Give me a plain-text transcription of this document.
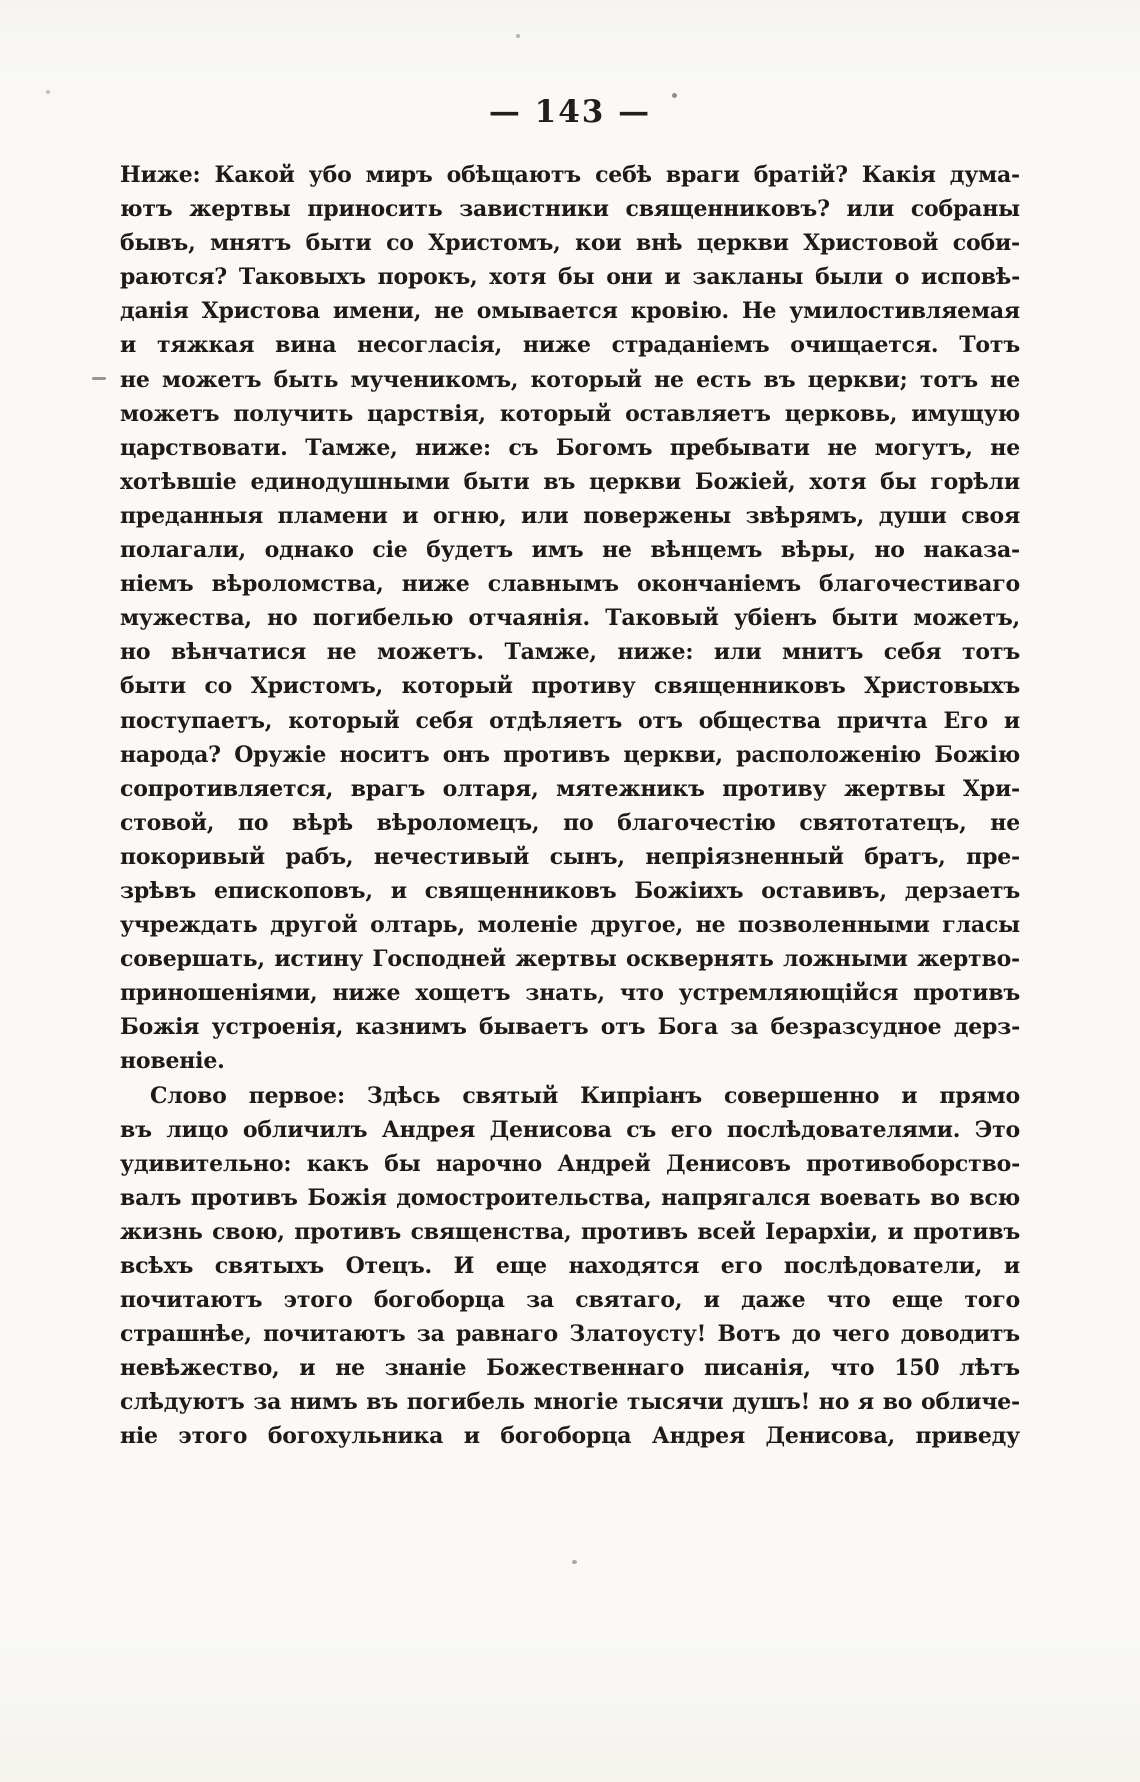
— 143 —
Ниже: Какой убо миръ обѣщаютъ себѣ враги братій? Какія дума-
ютъ жертвы приносить завистники священниковъ? или собраны
бывъ, мнятъ быти со Христомъ, кои внѣ церкви Христовой соби-
раются? Таковыхъ порокъ, хотя бы они и закланы были о исповѣ-
данія Христова имени, не омывается кровію. Не умилостивляемая
и тяжкая вина несогласія, ниже страданіемъ очищается. Тотъ
не можетъ быть мученикомъ, который не есть въ церкви; тотъ не
можетъ получить царствія, который оставляетъ церковь, имущую
царствовати. Тамже, ниже: съ Богомъ пребывати не могутъ, не
хотѣвшіе единодушными быти въ церкви Божіей, хотя бы горѣли
преданныя пламени и огню, или повержены звѣрямъ, души своя
полагали, однако сіе будетъ имъ не вѣнцемъ вѣры, но наказа-
ніемъ вѣроломства, ниже славнымъ окончаніемъ благочестиваго
мужества, но погибелью отчаянія. Таковый убіенъ быти можетъ,
но вѣнчатися не можетъ. Тамже, ниже: или мнитъ себя тотъ
быти со Христомъ, который противу священниковъ Христовыхъ
поступаетъ, который себя отдѣляетъ отъ общества причта Его и
народа? Оружіе носитъ онъ противъ церкви, расположенію Божію
сопротивляется, врагъ олтаря, мятежникъ противу жертвы Хри-
стовой, по вѣрѣ вѣроломецъ, по благочестію святотатецъ, не
покоривый рабъ, нечестивый сынъ, непріязненный братъ, пре-
зрѣвъ епископовъ, и священниковъ Божіихъ оставивъ, дерзаетъ
учреждать другой олтарь, моленіе другое, не позволенными гласы
совершать, истину Господней жертвы осквернять ложными жертво-
приношеніями, ниже хощетъ знать, что устремляющійся противъ
Божія устроенія, казнимъ бываетъ отъ Бога за безразсудное дерз-
новеніе.
Слово первое: Здѣсь святый Кипріанъ совершенно и прямо
въ лицо обличилъ Андрея Денисова съ его послѣдователями. Это
удивительно: какъ бы нарочно Андрей Денисовъ противоборство-
валъ противъ Божія домостроительства, напрягался воевать во всю
жизнь свою, противъ священства, противъ всей Іерархіи, и противъ
всѣхъ святыхъ Отецъ. И еще находятся его послѣдователи, и
почитаютъ этого богоборца за святаго, и даже что еще того
страшнѣе, почитаютъ за равнаго Златоусту! Вотъ до чего доводитъ
невѣжество, и не знаніе Божественнаго писанія, что 150 лѣтъ
слѣдуютъ за нимъ въ погибель многіе тысячи душъ! но я во обличе-
ніе этого богохульника и богоборца Андрея Денисова, приведу
